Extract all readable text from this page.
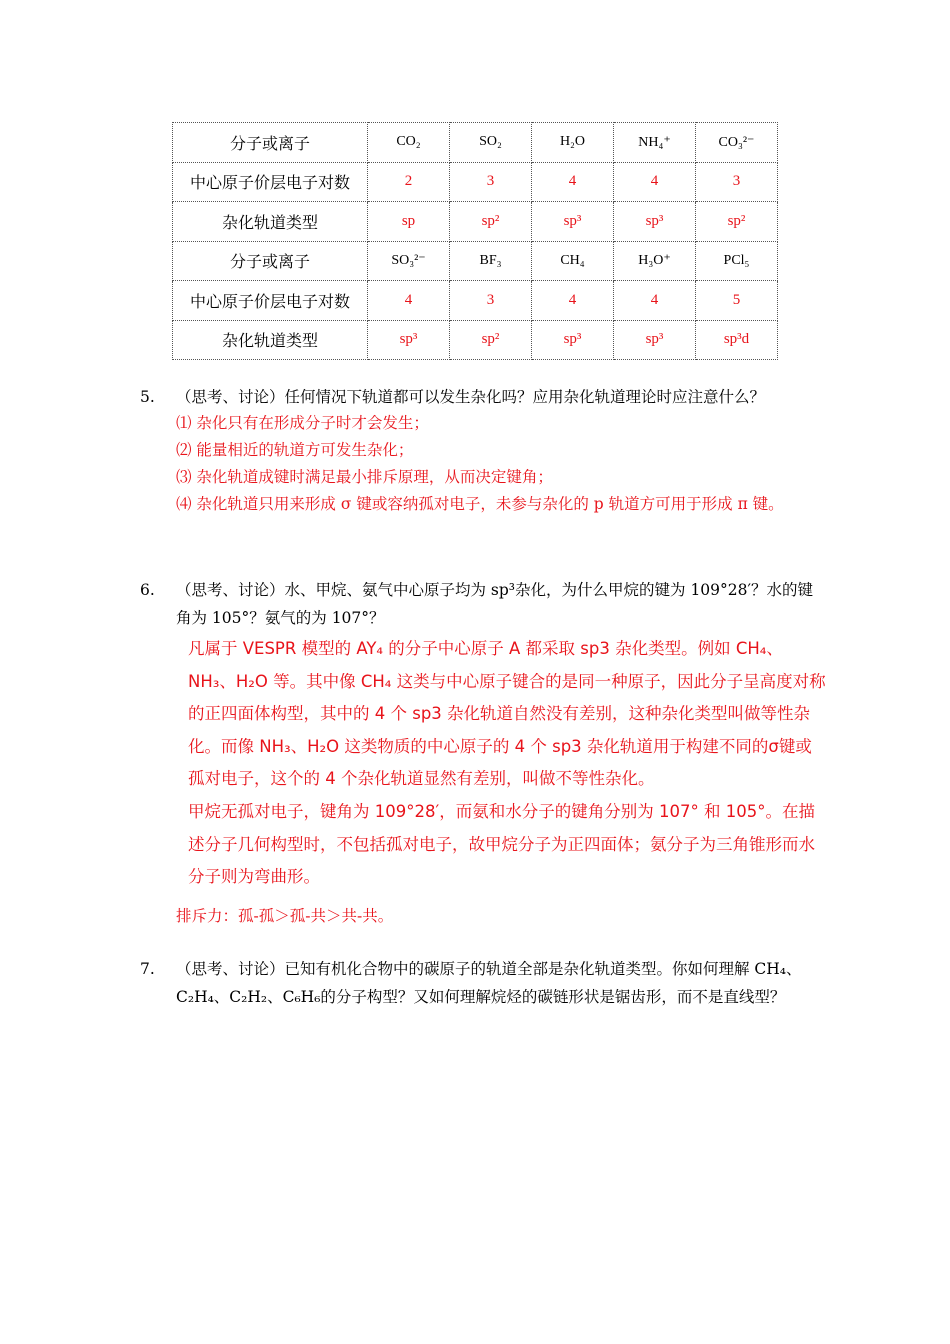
分子或离子	CO₂	SO₂	H₂O	NH₄⁺	CO₃²⁻
中心原子价层电子对数	2	3	4	4	3
杂化轨道类型	sp	sp²	sp³	sp³	sp²
分子或离子	SO₃²⁻	BF₃	CH₄	H₃O⁺	PCl₅
中心原子价层电子对数	4	3	4	4	5
杂化轨道类型	sp³	sp²	sp³	sp³	sp³d
5. （思考、讨论）任何情况下轨道都可以发生杂化吗？应用杂化轨道理论时应注意什么？
⑴ 杂化只有在形成分子时才会发生；
⑵ 能量相近的轨道方可发生杂化；
⑶ 杂化轨道成键时满足最小排斥原理，从而决定键角；
⑷ 杂化轨道只用来形成 σ 键或容纳孤对电子，未参与杂化的 p 轨道方可用于形成 π 键。
6. （思考、讨论）水、甲烷、氨气中心原子均为 sp³杂化，为什么甲烷的键为 109°28′？水的键角为 105°？氨气的为 107°？
凡属于 VESPR 模型的 AY₄ 的分子中心原子 A 都采取 sp3 杂化类型。例如 CH₄、NH₃、H₂O 等。其中像 CH₄ 这类与中心原子键合的是同一种原子，因此分子呈高度对称的正四面体构型，其中的 4 个 sp3 杂化轨道自然没有差别，这种杂化类型叫做等性杂化。而像 NH₃、H₂O 这类物质的中心原子的 4 个 sp3 杂化轨道用于构建不同的σ键或孤对电子，这个的 4 个杂化轨道显然有差别，叫做不等性杂化。
甲烷无孤对电子，键角为 109°28′，而氨和水分子的键角分别为 107° 和 105°。在描述分子几何构型时，不包括孤对电子，故甲烷分子为正四面体；氨分子为三角锥形而水分子则为弯曲形。
排斥力：孤-孤＞孤-共＞共-共。
7. （思考、讨论）已知有机化合物中的碳原子的轨道全部是杂化轨道类型。你如何理解 CH₄、C₂H₄、C₂H₂、C₆H₆的分子构型？又如何理解烷烃的碳链形状是锯齿形，而不是直线型？
